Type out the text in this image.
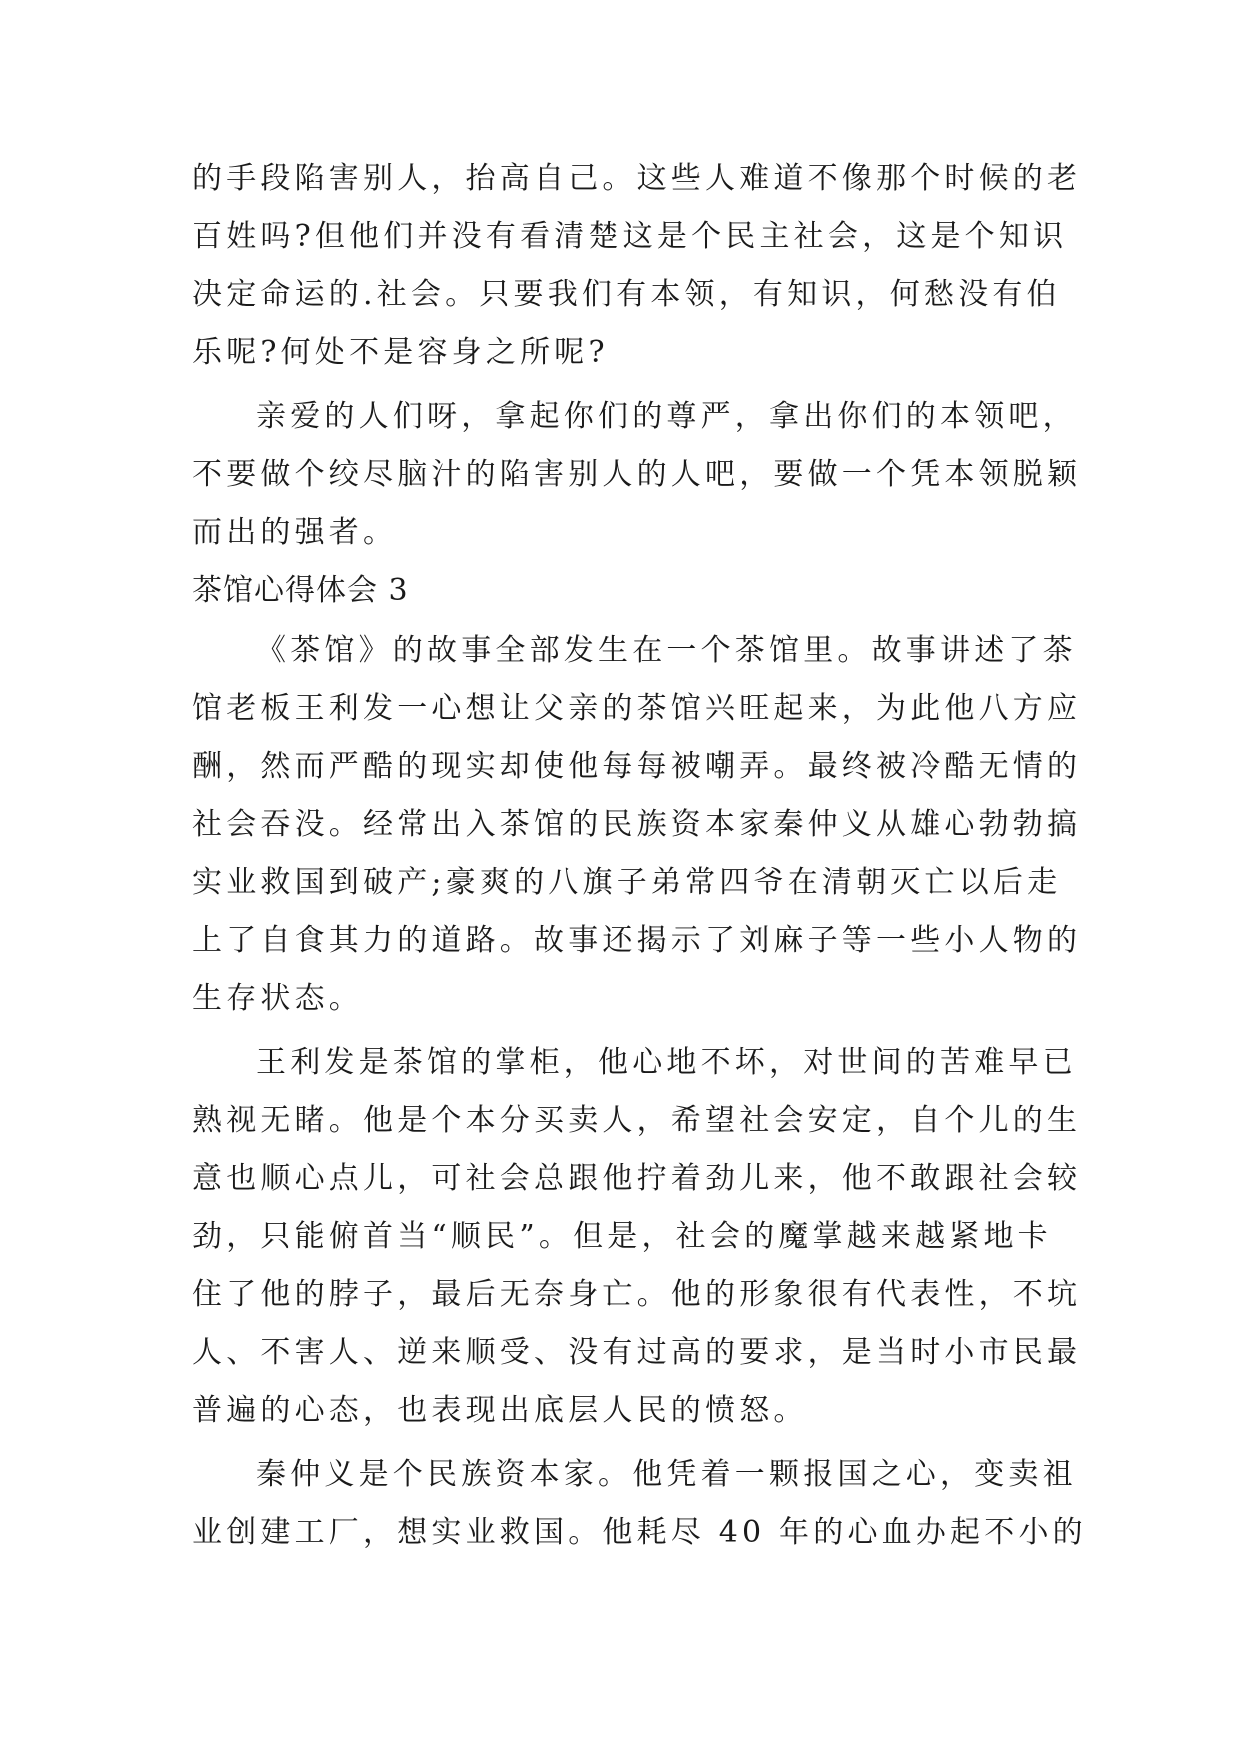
的手段陷害别人，抬高自己。这些人难道不像那个时候的老
百姓吗?但他们并没有看清楚这是个民主社会，这是个知识
决定命运的.社会。只要我们有本领，有知识，何愁没有伯
乐呢?何处不是容身之所呢?
亲爱的人们呀，拿起你们的尊严，拿出你们的本领吧，
不要做个绞尽脑汁的陷害别人的人吧，要做一个凭本领脱颖
而出的强者。
茶馆心得体会 3
《茶馆》的故事全部发生在一个茶馆里。故事讲述了茶
馆老板王利发一心想让父亲的茶馆兴旺起来，为此他八方应
酬，然而严酷的现实却使他每每被嘲弄。最终被冷酷无情的
社会吞没。经常出入茶馆的民族资本家秦仲义从雄心勃勃搞
实业救国到破产;豪爽的八旗子弟常四爷在清朝灭亡以后走
上了自食其力的道路。故事还揭示了刘麻子等一些小人物的
生存状态。
王利发是茶馆的掌柜，他心地不坏，对世间的苦难早已
熟视无睹。他是个本分买卖人，希望社会安定，自个儿的生
意也顺心点儿，可社会总跟他拧着劲儿来，他不敢跟社会较
劲，只能俯首当“顺民”。但是，社会的魔掌越来越紧地卡
住了他的脖子，最后无奈身亡。他的形象很有代表性，不坑
人、不害人、逆来顺受、没有过高的要求，是当时小市民最
普遍的心态，也表现出底层人民的愤怒。
秦仲义是个民族资本家。他凭着一颗报国之心，变卖祖
业创建工厂，想实业救国。他耗尽 40 年的心血办起不小的
